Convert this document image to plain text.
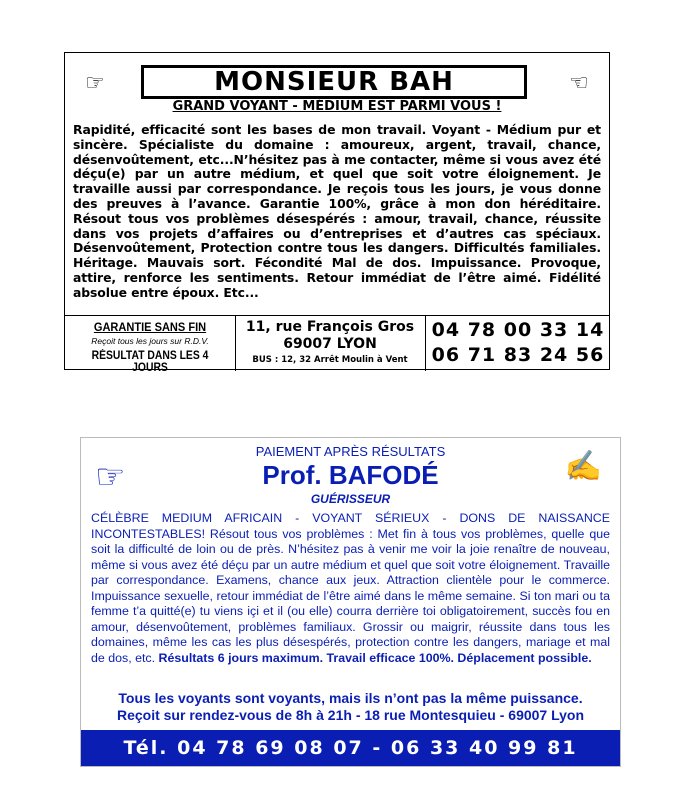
☞	MONSIEUR BAH	☞
GRAND VOYANT - MÉDIUM EST PARMI VOUS !
Rapidité, efficacité sont les bases de mon travail. Voyant - Médium pur et sincère. Spécialiste du domaine : amoureux, argent, travail, chance, désenvoûtement, etc...N’hésitez pas à me contacter, même si vous avez été déçu(e) par un autre médium, et quel que soit votre éloignement. Je travaille aussi par correspondance. Je reçois tous les jours, je vous donne des preuves à l’avance. Garantie 100%, grâce à mon don héréditaire. Résout tous vos problèmes désespérés : amour, travail, chance, réussite dans vos projets d’affaires ou d’entreprises et d’autres cas spéciaux. Désenvoûtement, Protection contre tous les dangers. Difficultés familiales. Héritage. Mauvais sort. Fécondité Mal de dos. Impuissance. Provoque, attire, renforce les sentiments. Retour immédiat de l’être aimé. Fidélité absolue entre époux. Etc...
GARANTIE SANS FIN
Reçoit tous les jours sur R.D.V.
RÉSULTAT DANS LES 4 JOURS
11, rue François Gros
69007 LYON
BUS : 12, 32 Arrêt Moulin à Vent
04 78 00 33 14
06 71 83 24 56
☞	✍
PAIEMENT APRÈS RÉSULTATS
Prof. BAFODÉ
GUÉRISSEUR
CÉLÈBRE MEDIUM AFRICAIN - VOYANT SÉRIEUX - DONS DE NAISSANCE INCONTESTABLES! Résout tous vos problèmes : Met fin à tous vos problèmes, quelle que soit la difficulté de loin ou de près. N’hésitez pas à venir me voir la joie renaître de nouveau, même si vous avez été déçu par un autre médium et quel que soit votre éloignement. Travaille par correspondance. Examens, chance aux jeux. Attraction clientèle pour le commerce. Impuissance sexuelle, retour immédiat de l’être aimé dans le même semaine. Si ton mari ou ta femme t’a quitté(e) tu viens içi et il (ou elle) courra derrière toi obligatoirement, succès fou en amour, désenvoûtement, problèmes familiaux. Grossir ou maigrir, réussite dans tous les domaines, même les cas les plus désespérés, protection contre les dangers, mariage et mal de dos, etc. Résultats 6 jours maximum. Travail efficace 100%. Déplacement possible.
Tous les voyants sont voyants, mais ils n’ont pas la même puissance.
Reçoit sur rendez-vous de 8h à 21h - 18 rue Montesquieu - 69007 Lyon
Tél. 04 78 69 08 07 - 06 33 40 99 81
